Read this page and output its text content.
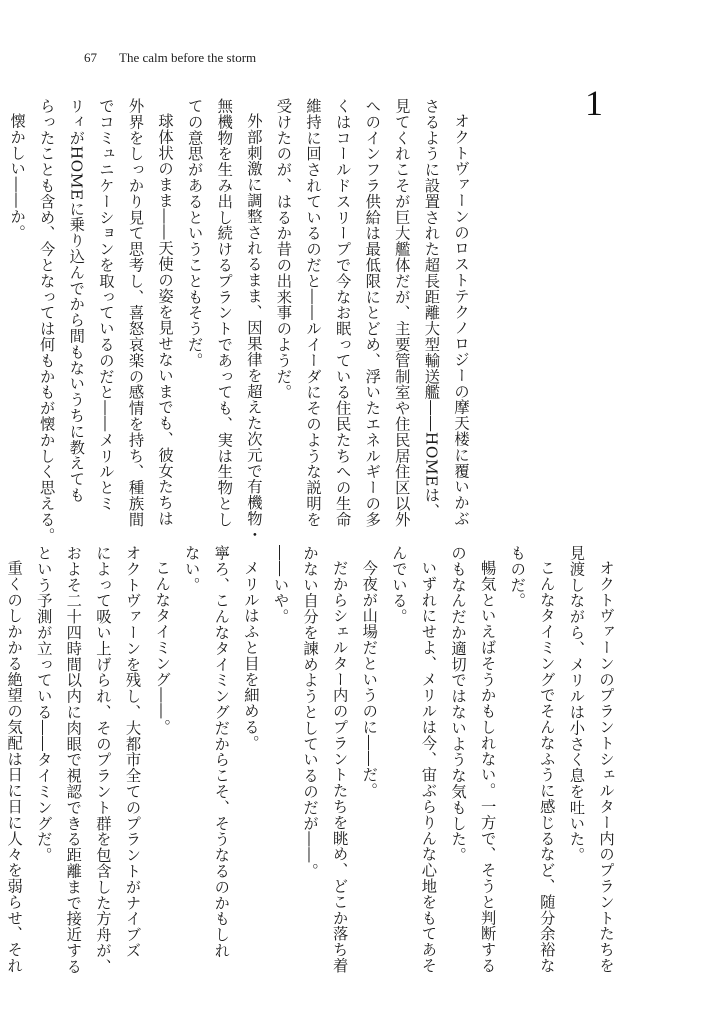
67 The calm before the storm
1
オクトヴァーンのロストテクノロジーの摩天楼に覆いかぶ
さるように設置された超長距離大型輸送艦――HOMEは、
見てくれこそが巨大艦体だが、主要管制室や住民居住区以外
へのインフラ供給は最低限にとどめ、浮いたエネルギーの多
くはコールドスリープで今なお眠っている住民たちへの生命
維持に回されているのだと――ルイーダにそのような説明を
受けたのが、はるか昔の出来事のようだ。
外部刺激に調整されるまま、因果律を超えた次元で有機物・
無機物を生み出し続けるプラントであっても、実は生物とし
ての意思があるということもそうだ。
球体状のまま――天使の姿を見せないまでも、彼女たちは
外界をしっかり見て思考し、喜怒哀楽の感情を持ち、種族間
でコミュニケーションを取っているのだと――メリルとミ
リィがHOMEに乗り込んでから間もないうちに教えても
らったことも含め、今となっては何もかもが懐かしく思える。
懐かしい――か。
オクトヴァーンのプラントシェルター内のプラントたちを
見渡しながら、メリルは小さく息を吐いた。
こんなタイミングでそんなふうに感じるなど、随分余裕な
ものだ。
暢気といえばそうかもしれない。一方で、そうと判断する
のもなんだか適切ではないような気もした。
いずれにせよ、メリルは今、宙ぶらりんな心地をもてあそ
んでいる。
今夜が山場だというのに――だ。
だからシェルター内のプラントたちを眺め、どこか落ち着
かない自分を諫めようとしているのだが――。
――いや。
メリルはふと目を細める。
寧ろ、こんなタイミングだからこそ、そうなるのかもしれ
ない。
こんなタイミング――。
オクトヴァーンを残し、大都市全てのプラントがナイブズ
によって吸い上げられ、そのプラント群を包含した方舟が、
およそ二十四時間以内に肉眼で視認できる距離まで接近する
という予測が立っている――タイミングだ。
重くのしかかる絶望の気配は日に日に人々を弱らせ、それ
